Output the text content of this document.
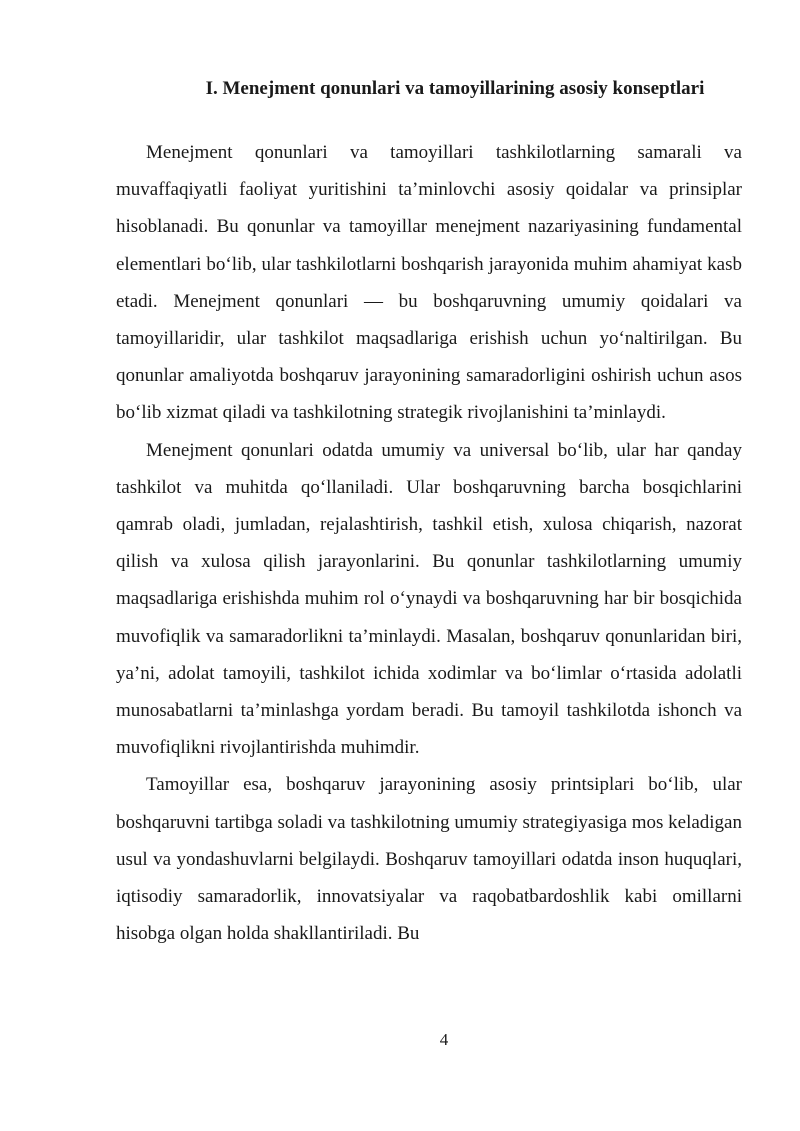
I. Menejment qonunlari va tamoyillarining asosiy konseptlari

Menejment qonunlari va tamoyillari tashkilotlarning samarali va muvaffaqiyatli faoliyat yuritishini ta’minlovchi asosiy qoidalar va prinsiplar hisoblanadi. Bu qonunlar va tamoyillar menejment nazariyasining fundamental elementlari bo‘lib, ular tashkilotlarni boshqarish jarayonida muhim ahamiyat kasb etadi. Menejment qonunlari — bu boshqaruvning umumiy qoidalari va tamoyillaridir, ular tashkilot maqsadlariga erishish uchun yo‘naltirilgan. Bu qonunlar amaliyotda boshqaruv jarayonining samaradorligini oshirish uchun asos bo‘lib xizmat qiladi va tashkilotning strategik rivojlanishini ta’minlaydi.

Menejment qonunlari odatda umumiy va universal bo‘lib, ular har qanday tashkilot va muhitda qo‘llaniladi. Ular boshqaruvning barcha bosqichlarini qamrab oladi, jumladan, rejalashtirish, tashkil etish, xulosa chiqarish, nazorat qilish va xulosa qilish jarayonlarini. Bu qonunlar tashkilotlarning umumiy maqsadlariga erishishda muhim rol o‘ynaydi va boshqaruvning har bir bosqichida muvofiqlik va samaradorlikni ta’minlaydi. Masalan, boshqaruv qonunlaridan biri, ya’ni, adolat tamoyili, tashkilot ichida xodimlar va bo‘limlar o‘rtasida adolatli munosabatlarni ta’minlashga yordam beradi. Bu tamoyil tashkilotda ishonch va muvofiqlikni rivojlantirishda muhimdir.

Tamoyillar esa, boshqaruv jarayonining asosiy printsiplari bo‘lib, ular boshqaruvni tartibga soladi va tashkilotning umumiy strategiyasiga mos keladigan usul va yondashuvlarni belgilaydi. Boshqaruv tamoyillari odatda inson huquqlari, iqtisodiy samaradorlik, innovatsiyalar va raqobatbardoshlik kabi omillarni hisobga olgan holda shakllantiriladi. Bu

4
